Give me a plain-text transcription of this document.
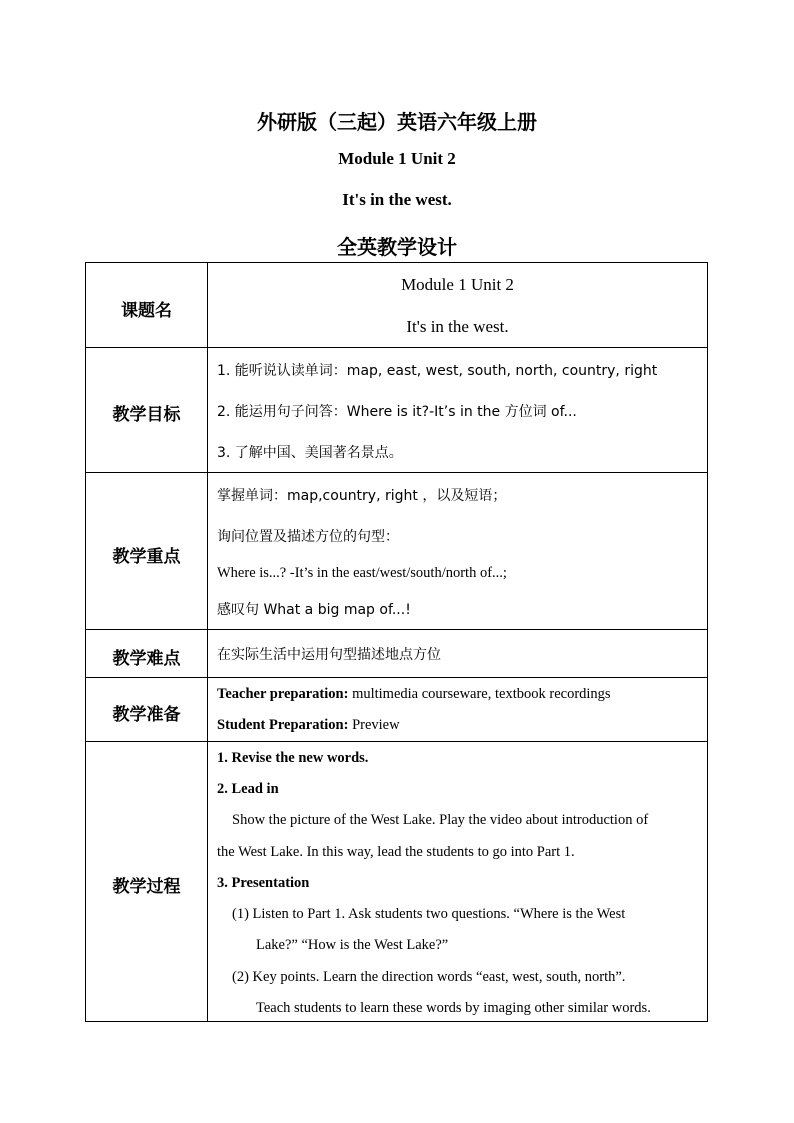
外研版（三起）英语六年级上册
Module 1 Unit 2
It's in the west.
全英教学设计
课题名
Module 1 Unit 2
It's in the west.
教学目标
1. 能听说认读单词：map, east, west, south, north, country, right
2. 能运用句子问答：Where is it?-It’s in the 方位词 of...
3. 了解中国、美国著名景点。
教学重点
掌握单词：map,country, right ，以及短语；
询问位置及描述方位的句型：
Where is...? -It’s in the east/west/south/north of...;
感叹句 What a big map of...!
教学难点	在实际生活中运用句型描述地点方位
教学准备
Teacher preparation: multimedia courseware, textbook recordings
Student Preparation: Preview
教学过程
1. Revise the new words.
2. Lead in
Show the picture of the West Lake. Play the video about introduction of
the West Lake. In this way, lead the students to go into Part 1.
3. Presentation
(1) Listen to Part 1. Ask students two questions. “Where is the West
Lake?” “How is the West Lake?”
(2) Key points. Learn the direction words “east, west, south, north”.
Teach students to learn these words by imaging other similar words.
